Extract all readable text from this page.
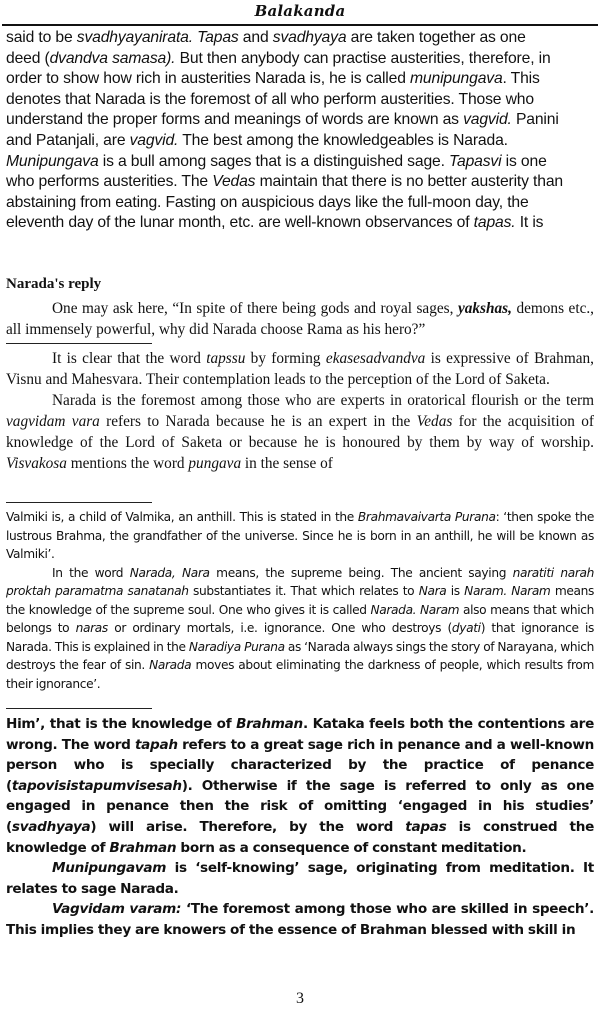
Balakanda
said to be svadhyayanirata. Tapas and svadhyaya are taken together as one
deed (dvandva samasa). But then anybody can practise austerities, therefore, in
order to show how rich in austerities Narada is, he is called munipungava. This
denotes that Narada is the foremost of all who perform austerities. Those who
understand the proper forms and meanings of words are known as vagvid. Panini
and Patanjali, are vagvid. The best among the knowledgeables is Narada.
Munipungava is a bull among sages that is a distinguished sage. Tapasvi is one
who performs austerities. The Vedas maintain that there is no better austerity than
abstaining from eating. Fasting on auspicious days like the full-moon day, the
eleventh day of the lunar month, etc. are well-known observances of tapas. It is
Narada's reply

One may ask here, “In spite of there being gods and royal sages, yakshas, demons etc., all immensely powerful, why did Narada choose Rama as his hero?”

It is clear that the word tapssu by forming ekasesadvandva is expressive of Brahman, Visnu and Mahesvara. Their contemplation leads to the perception of the Lord of Saketa.

Narada is the foremost among those who are experts in oratorical flourish or the term vagvidam vara refers to Narada because he is an expert in the Vedas for the acquisition of knowledge of the Lord of Saketa or because he is honoured by them by way of worship. Visvakosa mentions the word pungava in the sense of

Valmiki is, a child of Valmika, an anthill. This is stated in the Brahmavaivarta Purana: ‘then spoke the lustrous Brahma, the grandfather of the universe. Since he is born in an anthill, he will be known as Valmiki’.

In the word Narada, Nara means, the supreme being. The ancient saying naratiti narah proktah paramatma sanatanah substantiates it. That which relates to Nara is Naram. Naram means the knowledge of the supreme soul. One who gives it is called Narada. Naram also means that which belongs to naras or ordinary mortals, i.e. ignorance. One who destroys (dyati) that ignorance is Narada. This is explained in the Naradiya Purana as ‘Narada always sings the story of Narayana, which destroys the fear of sin. Narada moves about eliminating the darkness of people, which results from their ignorance’.

Him’, that is the knowledge of Brahman. Kataka feels both the contentions are wrong. The word tapah refers to a great sage rich in penance and a well-known person who is specially characterized by the practice of penance (tapovisistapumvisesah). Otherwise if the sage is referred to only as one engaged in penance then the risk of omitting ‘engaged in his studies’ (svadhyaya) will arise. Therefore, by the word tapas is construed the knowledge of Brahman born as a consequence of constant meditation.

Munipungavam is ‘self-knowing’ sage, originating from meditation. It relates to sage Narada.

Vagvidam varam: ‘The foremost among those who are skilled in speech’. This implies they are knowers of the essence of Brahman blessed with skill in

3
